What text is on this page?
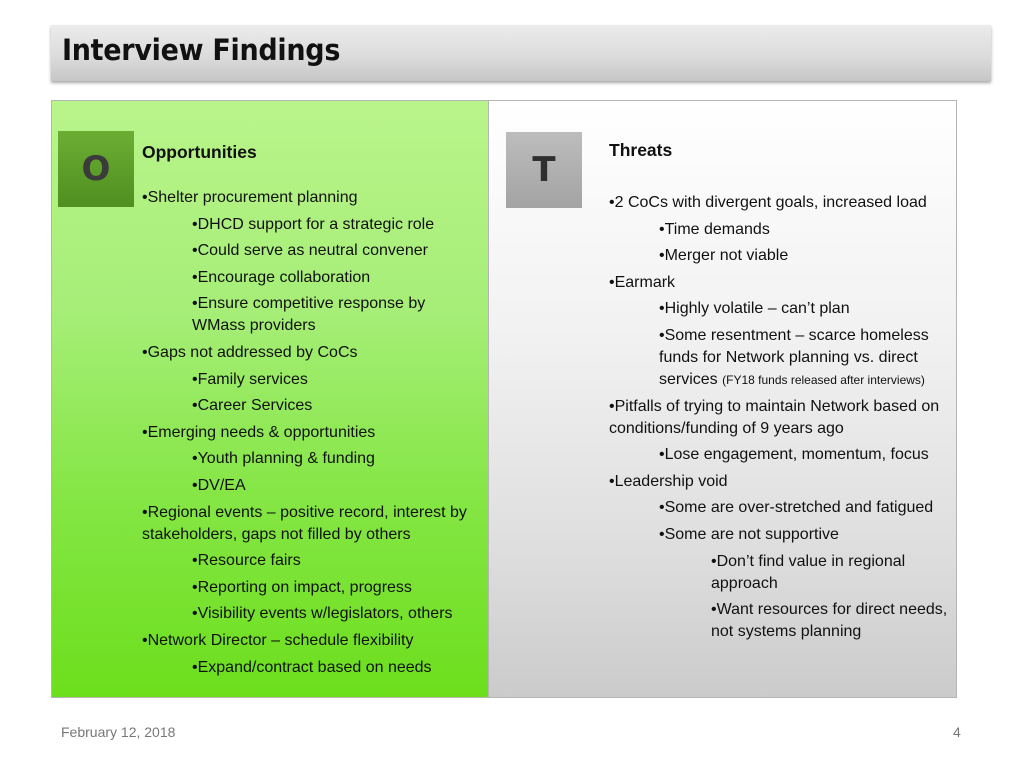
Interview Findings
O	Opportunities
•Shelter procurement planning
•DHCD support for a strategic role
•Could serve as neutral convener
•Encourage collaboration
•Ensure competitive response by WMass providers
•Gaps not addressed by CoCs
•Family services
•Career Services
•Emerging needs & opportunities
•Youth planning & funding
•DV/EA
•Regional events – positive record, interest by stakeholders, gaps not filled by others
•Resource fairs
•Reporting on impact, progress
•Visibility events w/legislators, others
•Network Director – schedule flexibility
•Expand/contract based on needs
T	Threats
•2 CoCs with divergent goals, increased load
•Time demands
•Merger not viable
•Earmark
•Highly volatile – can’t plan
•Some resentment – scarce homeless funds for Network planning vs. direct services (FY18 funds released after interviews)
•Pitfalls of trying to maintain Network based on conditions/funding of 9 years ago
•Lose engagement, momentum, focus
•Leadership void
•Some are over-stretched and fatigued
•Some are not supportive
•Don’t find value in regional approach
•Want resources for direct needs, not systems planning
February 12, 2018	4
